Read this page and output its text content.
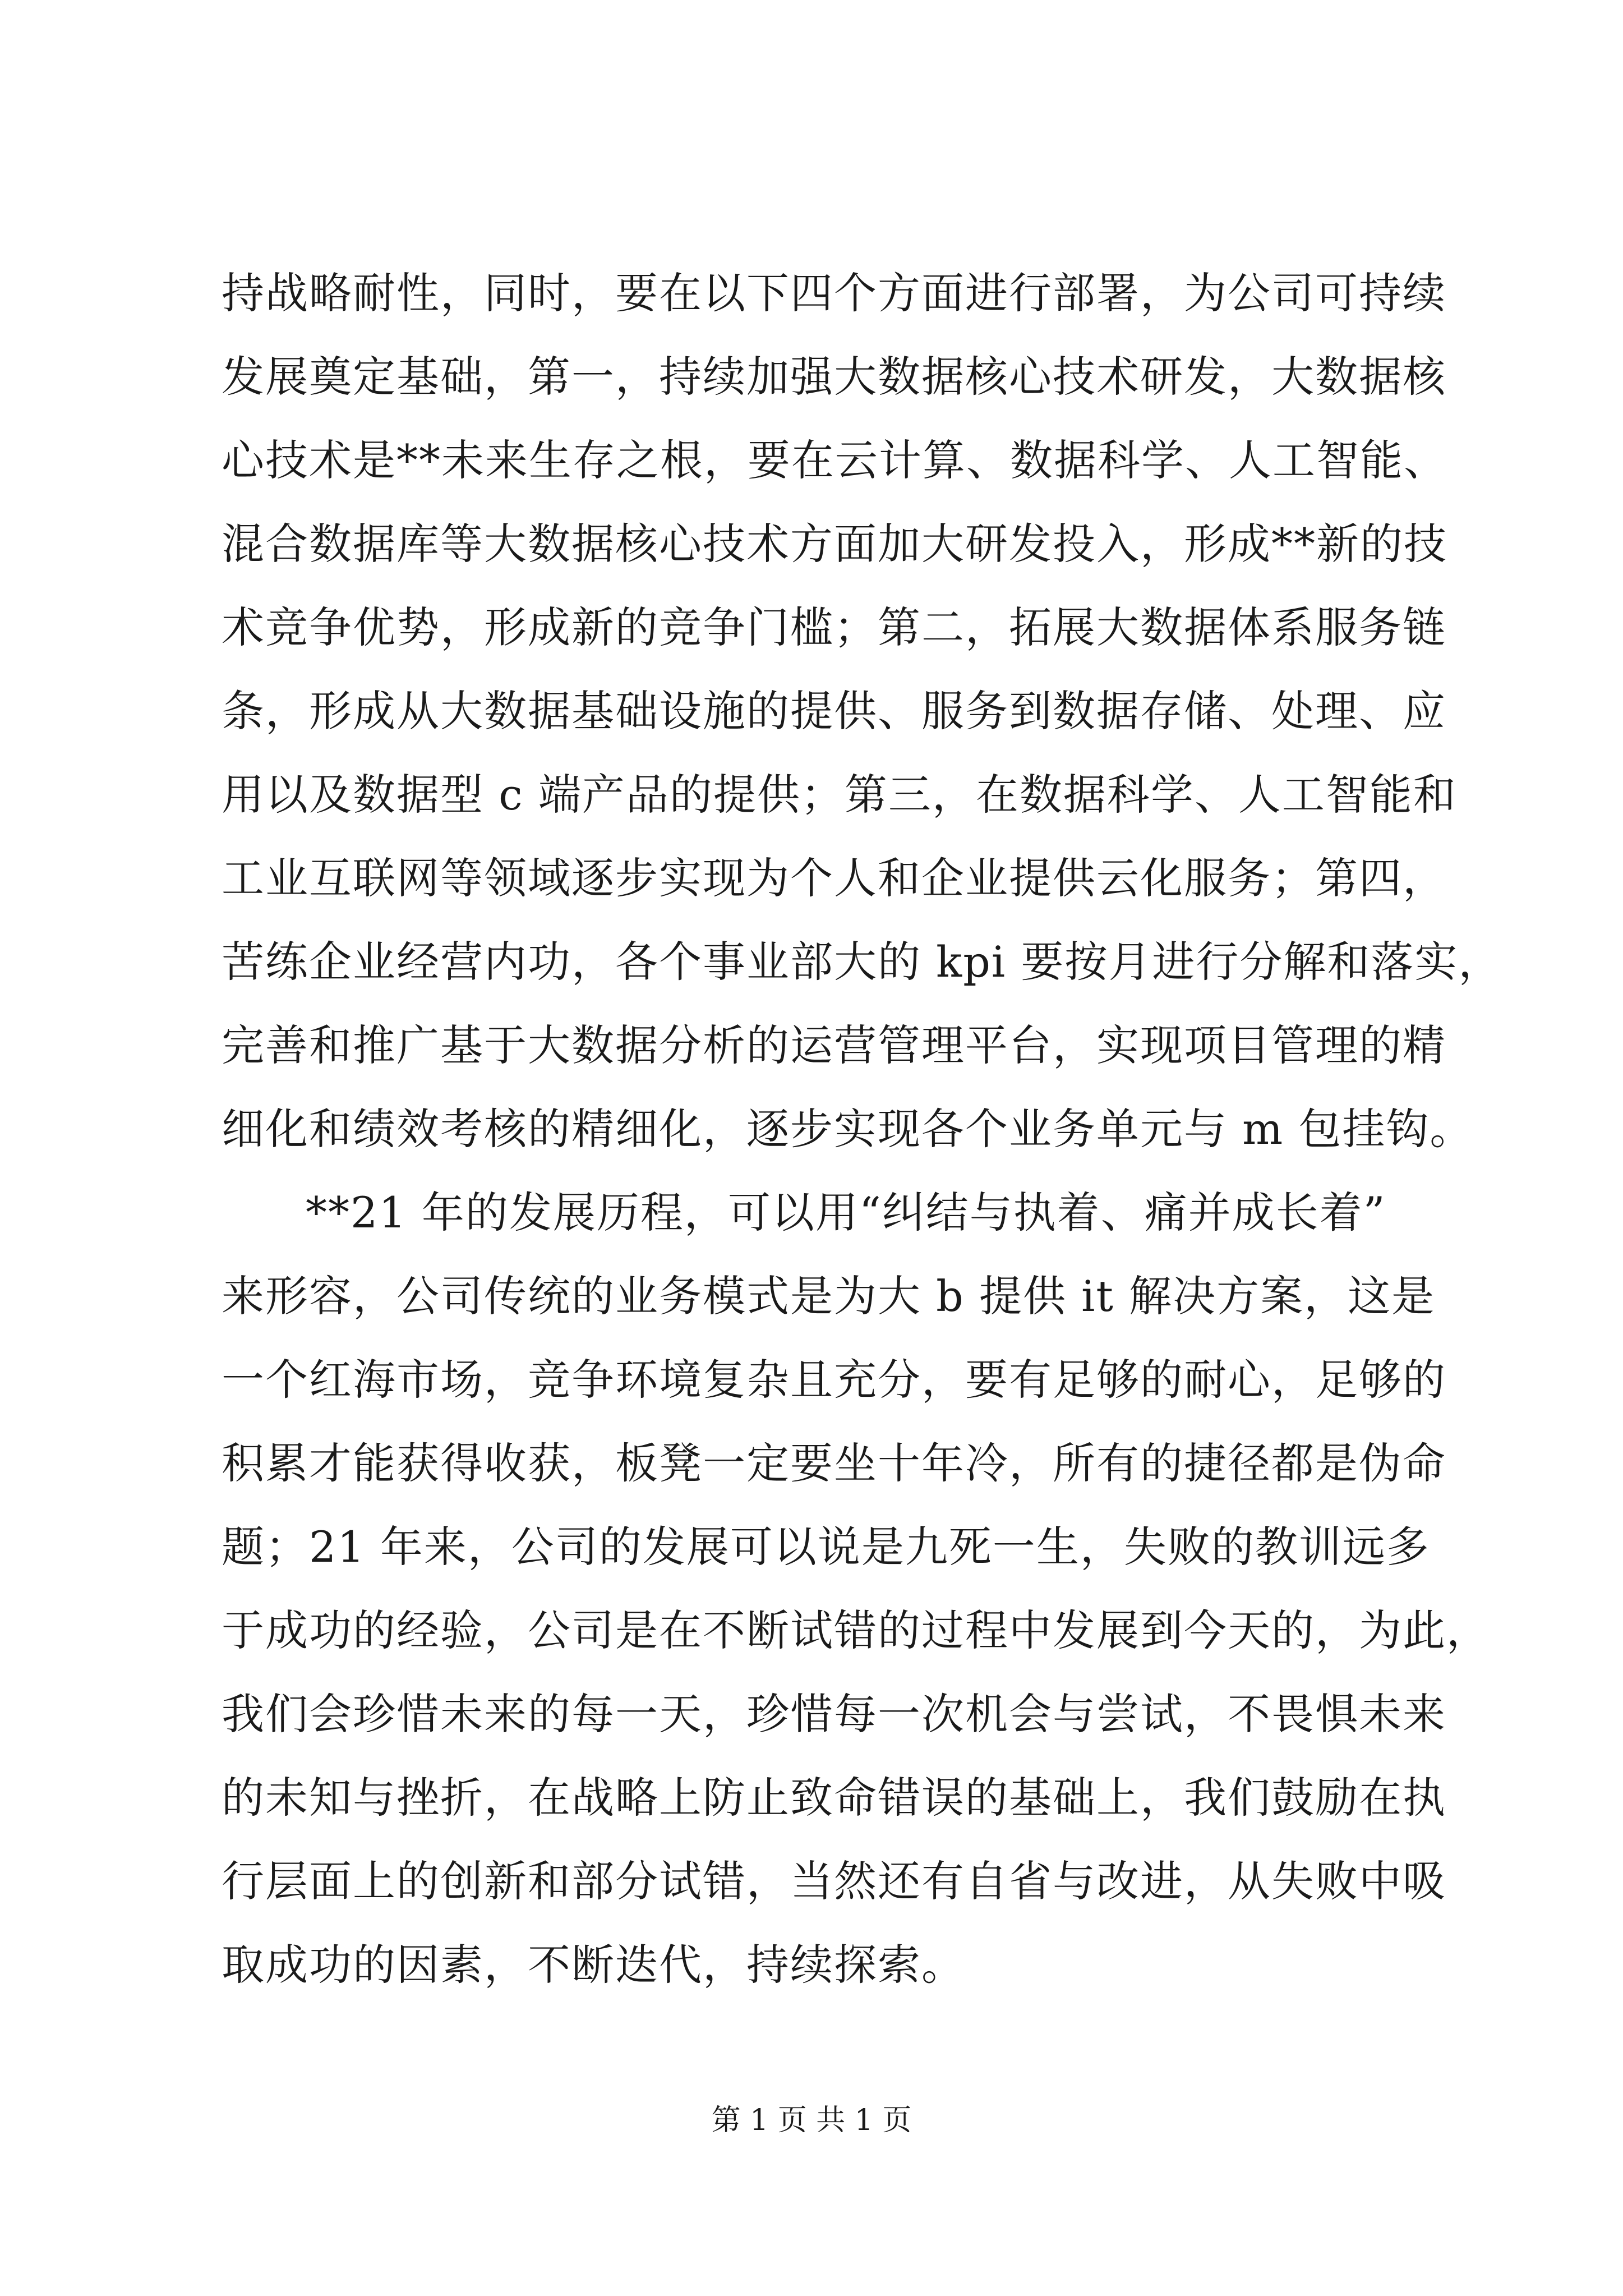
持战略耐性，同时，要在以下四个方面进行部署，为公司可持续
发展奠定基础，第一，持续加强大数据核心技术研发，大数据核
心技术是**未来生存之根，要在云计算、数据科学、人工智能、
混合数据库等大数据核心技术方面加大研发投入，形成**新的技
术竞争优势，形成新的竞争门槛；第二，拓展大数据体系服务链
条，形成从大数据基础设施的提供、服务到数据存储、处理、应
用以及数据型 c 端产品的提供；第三，在数据科学、人工智能和
工业互联网等领域逐步实现为个人和企业提供云化服务；第四，
苦练企业经营内功，各个事业部大的 kpi 要按月进行分解和落实，
完善和推广基于大数据分析的运营管理平台，实现项目管理的精
细化和绩效考核的精细化，逐步实现各个业务单元与 m 包挂钩。
**21 年的发展历程，可以用“纠结与执着、痛并成长着”
来形容，公司传统的业务模式是为大 b 提供 it 解决方案，这是
一个红海市场，竞争环境复杂且充分，要有足够的耐心，足够的
积累才能获得收获，板凳一定要坐十年冷，所有的捷径都是伪命
题；21 年来，公司的发展可以说是九死一生，失败的教训远多
于成功的经验，公司是在不断试错的过程中发展到今天的，为此，
我们会珍惜未来的每一天，珍惜每一次机会与尝试，不畏惧未来
的未知与挫折，在战略上防止致命错误的基础上，我们鼓励在执
行层面上的创新和部分试错，当然还有自省与改进，从失败中吸
取成功的因素，不断迭代，持续探索。
第 1 页 共 1 页
